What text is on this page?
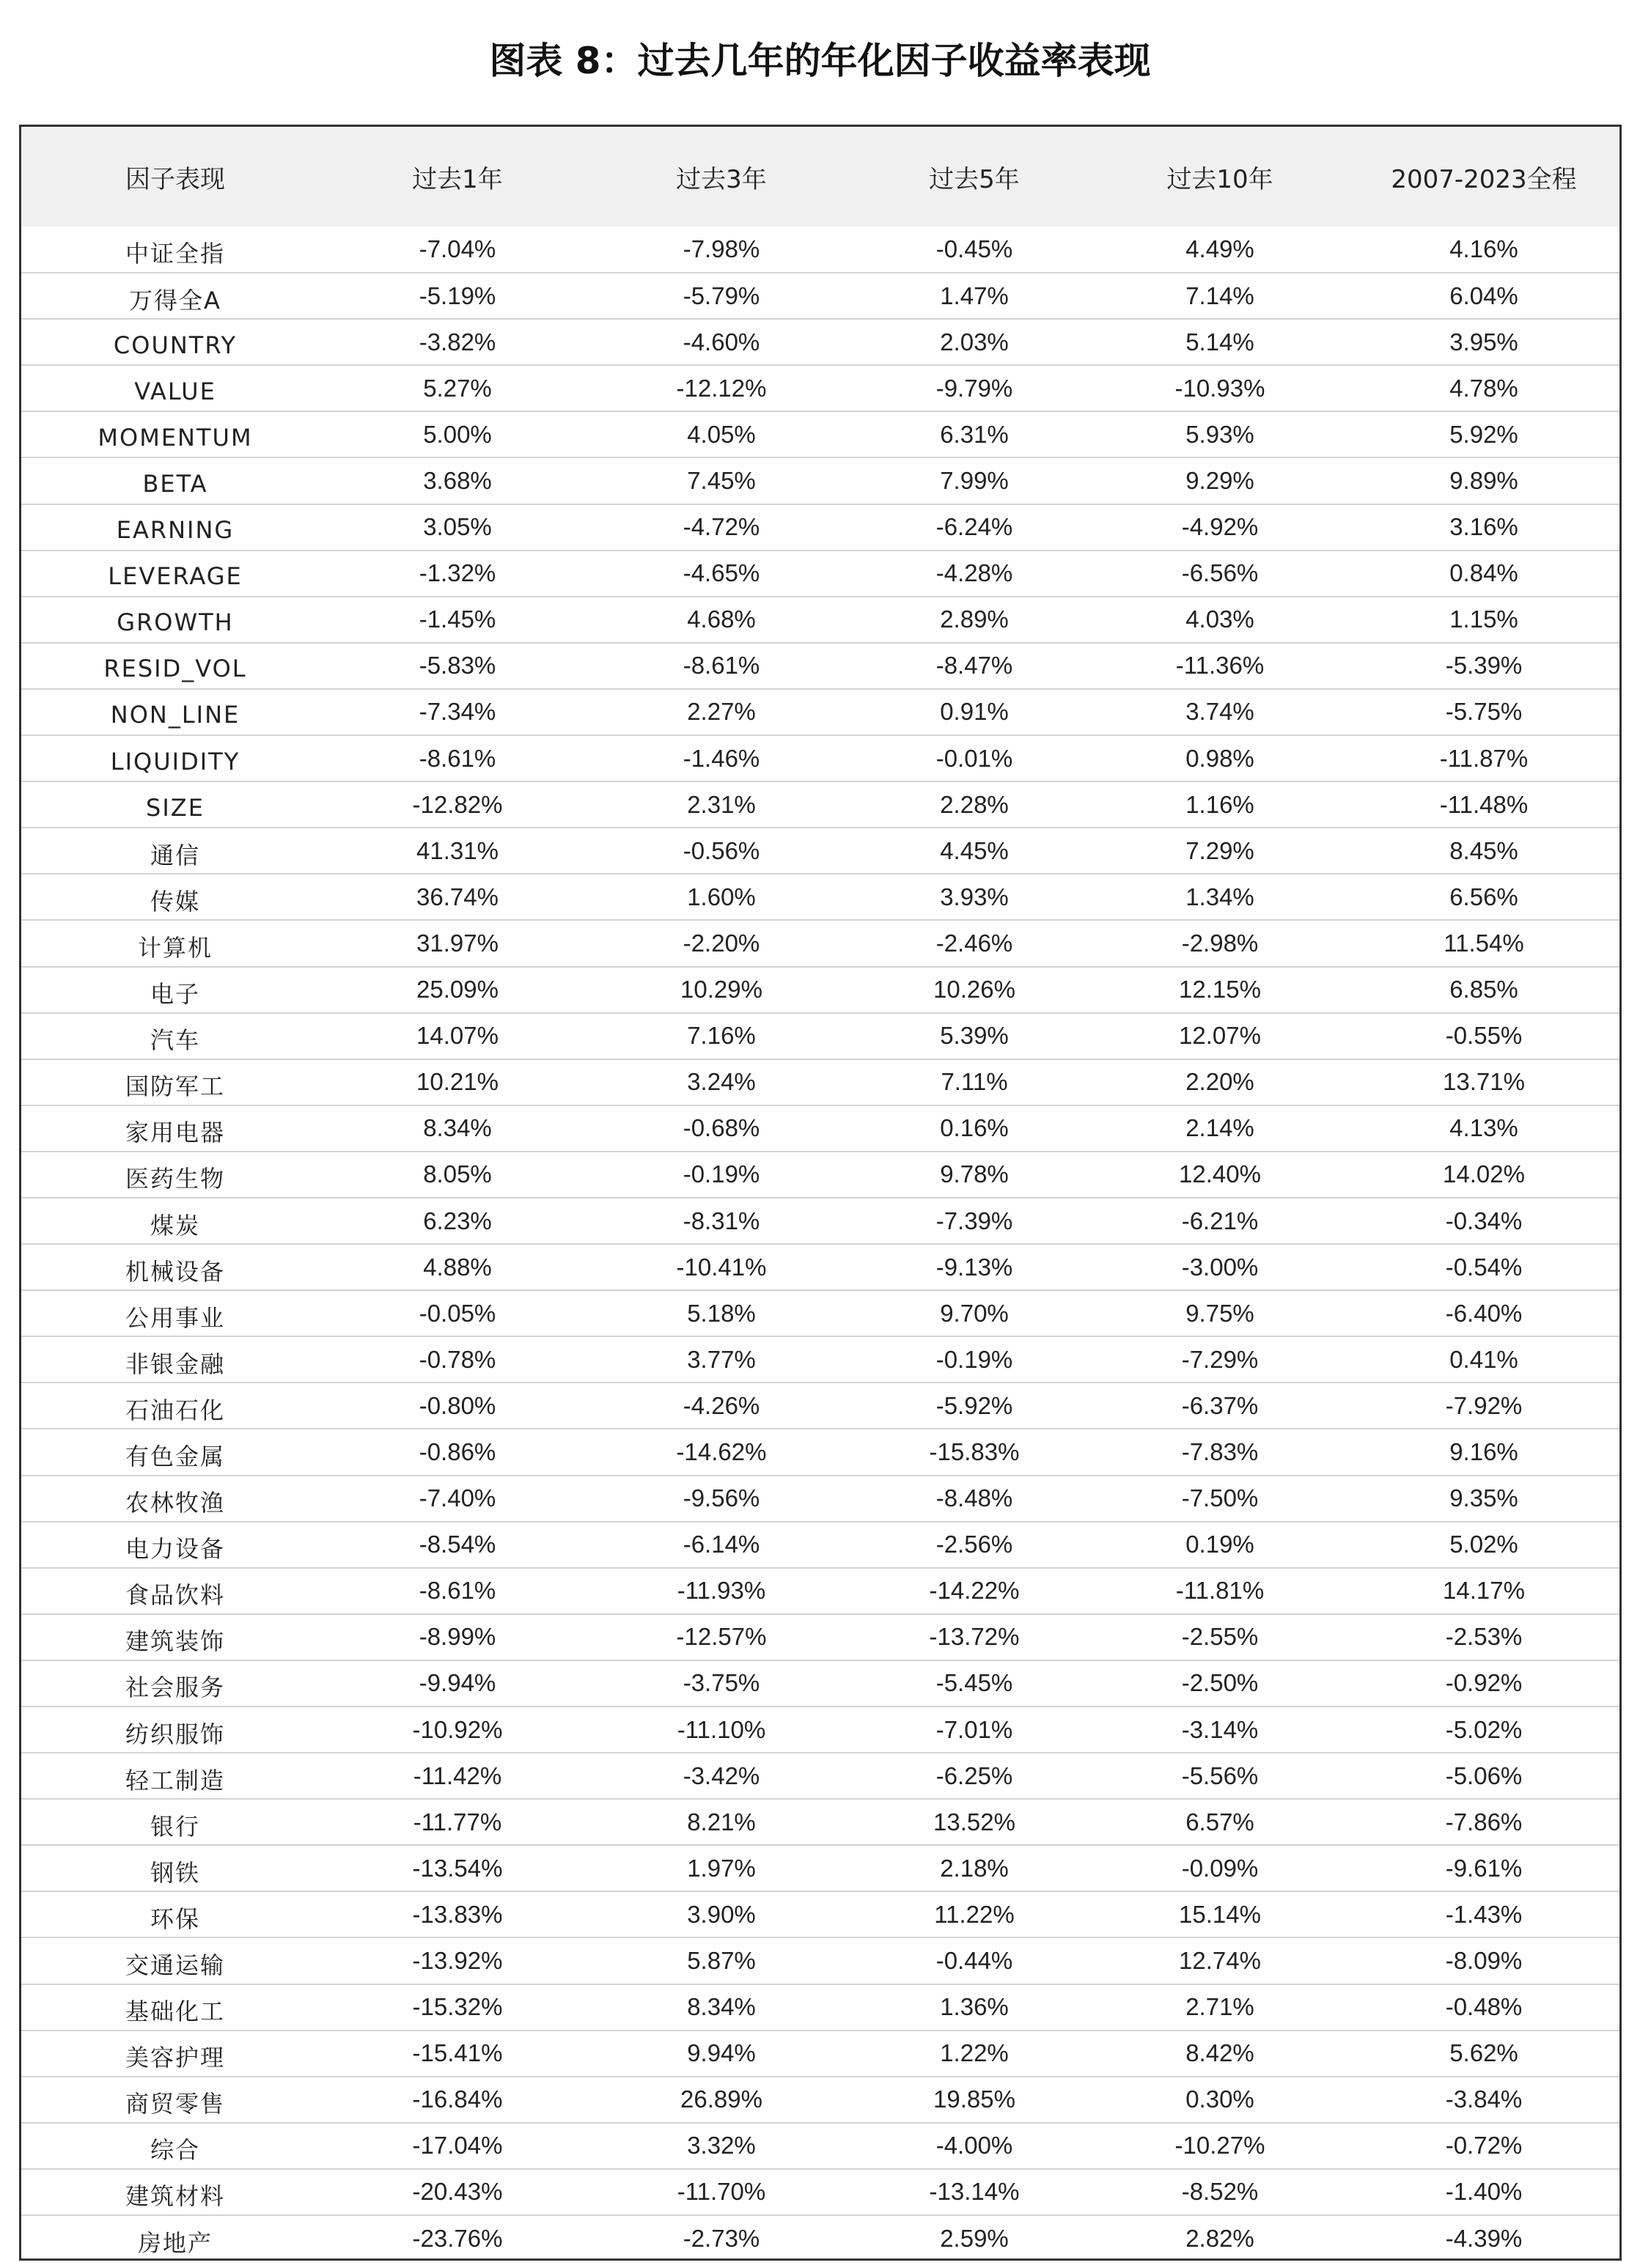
图表 8：过去几年的年化因子收益率表现
因子表现	过去1年	过去3年	过去5年	过去10年	2007-2023全程
中证全指	-7.04%	-7.98%	-0.45%	4.49%	4.16%
万得全A	-5.19%	-5.79%	1.47%	7.14%	6.04%
COUNTRY	-3.82%	-4.60%	2.03%	5.14%	3.95%
VALUE	5.27%	-12.12%	-9.79%	-10.93%	4.78%
MOMENTUM	5.00%	4.05%	6.31%	5.93%	5.92%
BETA	3.68%	7.45%	7.99%	9.29%	9.89%
EARNING	3.05%	-4.72%	-6.24%	-4.92%	3.16%
LEVERAGE	-1.32%	-4.65%	-4.28%	-6.56%	0.84%
GROWTH	-1.45%	4.68%	2.89%	4.03%	1.15%
RESID_VOL	-5.83%	-8.61%	-8.47%	-11.36%	-5.39%
NON_LINE	-7.34%	2.27%	0.91%	3.74%	-5.75%
LIQUIDITY	-8.61%	-1.46%	-0.01%	0.98%	-11.87%
SIZE	-12.82%	2.31%	2.28%	1.16%	-11.48%
通信	41.31%	-0.56%	4.45%	7.29%	8.45%
传媒	36.74%	1.60%	3.93%	1.34%	6.56%
计算机	31.97%	-2.20%	-2.46%	-2.98%	11.54%
电子	25.09%	10.29%	10.26%	12.15%	6.85%
汽车	14.07%	7.16%	5.39%	12.07%	-0.55%
国防军工	10.21%	3.24%	7.11%	2.20%	13.71%
家用电器	8.34%	-0.68%	0.16%	2.14%	4.13%
医药生物	8.05%	-0.19%	9.78%	12.40%	14.02%
煤炭	6.23%	-8.31%	-7.39%	-6.21%	-0.34%
机械设备	4.88%	-10.41%	-9.13%	-3.00%	-0.54%
公用事业	-0.05%	5.18%	9.70%	9.75%	-6.40%
非银金融	-0.78%	3.77%	-0.19%	-7.29%	0.41%
石油石化	-0.80%	-4.26%	-5.92%	-6.37%	-7.92%
有色金属	-0.86%	-14.62%	-15.83%	-7.83%	9.16%
农林牧渔	-7.40%	-9.56%	-8.48%	-7.50%	9.35%
电力设备	-8.54%	-6.14%	-2.56%	0.19%	5.02%
食品饮料	-8.61%	-11.93%	-14.22%	-11.81%	14.17%
建筑装饰	-8.99%	-12.57%	-13.72%	-2.55%	-2.53%
社会服务	-9.94%	-3.75%	-5.45%	-2.50%	-0.92%
纺织服饰	-10.92%	-11.10%	-7.01%	-3.14%	-5.02%
轻工制造	-11.42%	-3.42%	-6.25%	-5.56%	-5.06%
银行	-11.77%	8.21%	13.52%	6.57%	-7.86%
钢铁	-13.54%	1.97%	2.18%	-0.09%	-9.61%
环保	-13.83%	3.90%	11.22%	15.14%	-1.43%
交通运输	-13.92%	5.87%	-0.44%	12.74%	-8.09%
基础化工	-15.32%	8.34%	1.36%	2.71%	-0.48%
美容护理	-15.41%	9.94%	1.22%	8.42%	5.62%
商贸零售	-16.84%	26.89%	19.85%	0.30%	-3.84%
综合	-17.04%	3.32%	-4.00%	-10.27%	-0.72%
建筑材料	-20.43%	-11.70%	-13.14%	-8.52%	-1.40%
房地产	-23.76%	-2.73%	2.59%	2.82%	-4.39%
